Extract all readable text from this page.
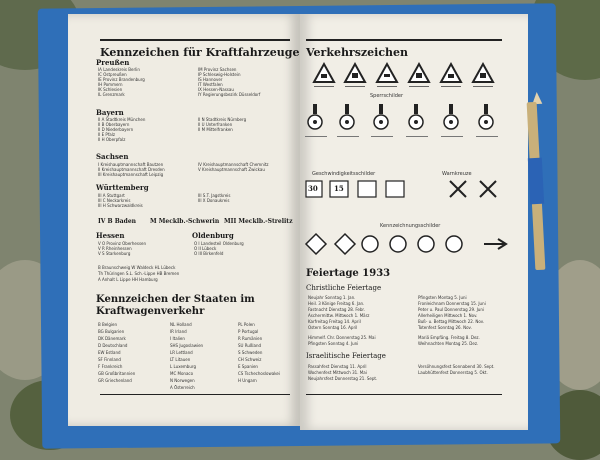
Kennzeichen für Kraftfahrzeuge
Preußen
IA Landeskreis Berlin
IC Ostpreußen
IE Provinz Brandenburg
IH Pommern
IK Schlesien
IL Grenzmark
IM Provinz Sachsen
IP Schleswig-Holstein
IS Hannover
IT Westfalen
IX Hessen-Nassau
IY Regierungsbezirk Düsseldorf
Bayern
II A Stadtkreis München
II B Oberbayern
II D Niederbayern
II E Pfalz
II H Oberpfalz
II N Stadtkreis Nürnberg
II U Unterfranken
II M Mittelfranken
Sachsen
I Kreishauptmannschaft Bautzen
II Kreishauptmannschaft Dresden
III Kreishauptmannschaft Leipzig
IV Kreishauptmannschaft Chemnitz
V Kreishauptmannschaft Zwickau
Württemberg
III A Stuttgart
III C Neckarkreis
III H Schwarzwaldkreis
III S.T. Jagstkreis
III X Donaukreis
IV B Baden M Mecklb.-Schwerin MII Mecklb.-Strelitz
Hessen
V O Provinz Oberhessen
V R Rheinhessen
V S Starkenburg
Oldenburg
O I Landesteil Oldenburg
O II Lübeck
O III Birkenfeld
B Braunschweig W Waldeck HL Lübeck
Th Thüringen S.L. Sch.-Lippe HB Bremen
A Anhalt L Lippe HH Hamburg
Kennzeichen der Staaten im Kraftwagenverkehr
B Belgien
BG Bulgarien
DK Dänemark
D Deutschland
EW Estland
SF Finnland
F Frankreich
GB Großbritannien
GR Griechenland
NL Holland
IR Irland
I Italien
SHS Jugoslawien
LR Lettland
LT Litauen
L Luxemburg
MC Monaco
N Norwegen
A Österreich
PL Polen
P Portugal
R Rumänien
SU Rußland
S Schweden
CH Schweiz
E Spanien
CS Tschechoslowakei
H Ungarn
Verkehrszeichen
Sperrschilder
Geschwindigkeitsschilder	Warnkreuze
30 15
Kennzeichnungsschilder
Feiertage 1933
Christliche Feiertage
Neujahr Sonntag 1. Jan.
Heil. 3 Könige Freitag 6. Jan.
Fastnacht Dienstag 28. Febr.
Aschermittw. Mittwoch 1. März
Karfreitag Freitag 14. April
Ostern Sonntag 16. April
Himmelf. Chr. Donnerstag 25. Mai
Pfingsten Sonntag 4. Juni
Pfingsten Montag 5. Juni
Fronleichnam Donnerstag 15. Juni
Peter u. Paul Donnerstag 29. Juni
Allerheiligen Mittwoch 1. Nov.
Buß- u. Bettag Mittwoch 22. Nov.
Totenfest Sonntag 26. Nov.
Mariä Empfäng. Freitag 8. Dez.
Weihnachten Montag 25. Dez.
Israelitische Feiertage
Passahfest Dienstag 11. April
Wochenfest Mittwoch 31. Mai
Neujahrsfest Donnerstag 21. Sept.
Versöhnungsfest Sonnabend 30. Sept.
Laubhüttenfest Donnerstag 5. Okt.
